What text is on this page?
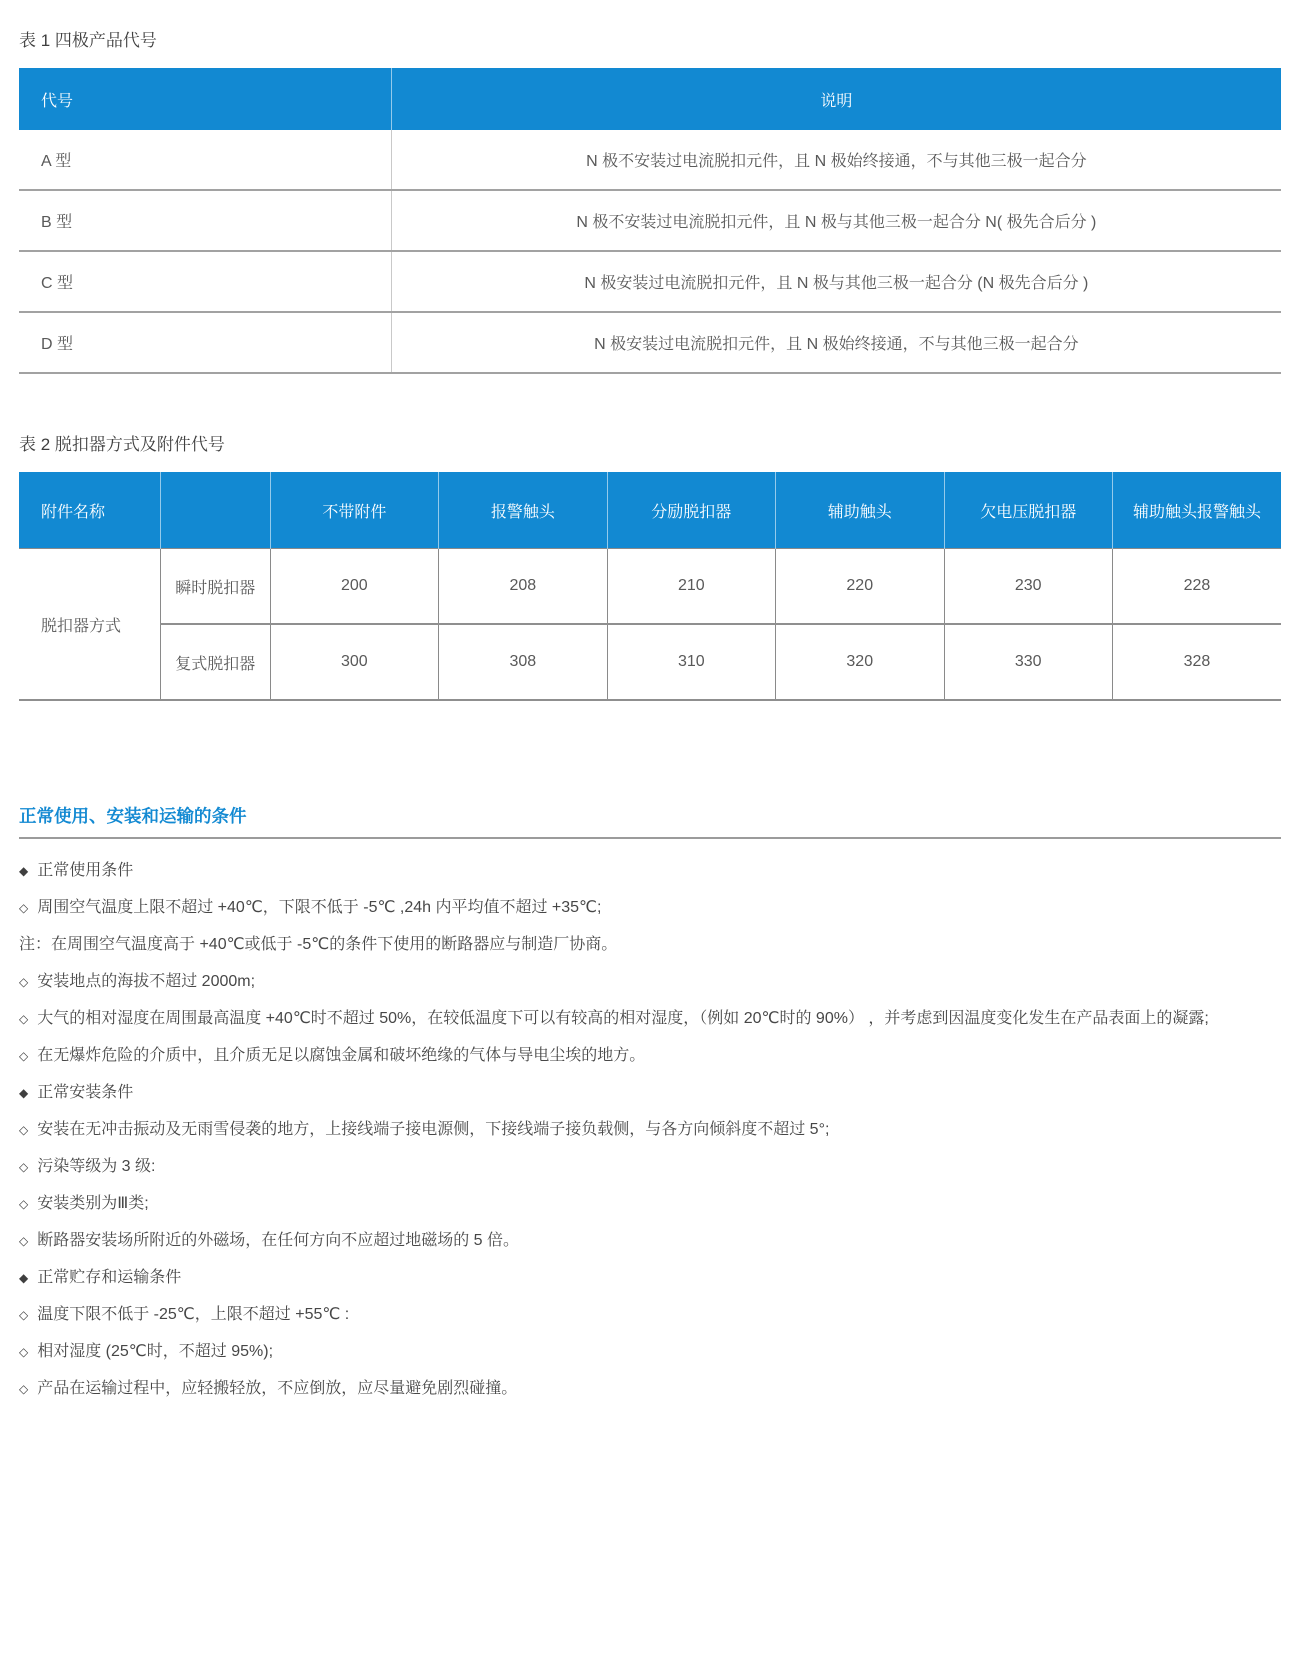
表 1 四极产品代号
代号	说明
A 型	N 极不安装过电流脱扣元件，且 N 极始终接通，不与其他三极一起合分
B 型	N 极不安装过电流脱扣元件，且 N 极与其他三极一起合分 N( 极先合后分 )
C 型	N 极安装过电流脱扣元件，且 N 极与其他三极一起合分 (N 极先合后分 )
D 型	N 极安装过电流脱扣元件，且 N 极始终接通，不与其他三极一起合分
表 2 脱扣器方式及附件代号
附件名称		不带附件	报警触头	分励脱扣器	辅助触头	欠电压脱扣器	辅助触头报警触头
脱扣器方式	瞬时脱扣器	200	208	210	220	230	228
	复式脱扣器	300	308	310	320	330	328
正常使用、安装和运输的条件
◆ 正常使用条件
◇ 周围空气温度上限不超过 +40℃，下限不低于 -5℃ ,24h 内平均值不超过 +35℃;
注：在周围空气温度高于 +40℃或低于 -5℃的条件下使用的断路器应与制造厂协商。
◇ 安装地点的海拔不超过 2000m;
◇ 大气的相对湿度在周围最高温度 +40℃时不超过 50%，在较低温度下可以有较高的相对湿度，（例如 20℃时的 90%） ，并考虑到因温度变化发生在产品表面上的凝露;
◇ 在无爆炸危险的介质中，且介质无足以腐蚀金属和破坏绝缘的气体与导电尘埃的地方。
◆ 正常安装条件
◇ 安装在无冲击振动及无雨雪侵袭的地方，上接线端子接电源侧，下接线端子接负载侧，与各方向倾斜度不超过 5°;
◇ 污染等级为 3 级:
◇ 安装类别为Ⅲ类;
◇ 断路器安装场所附近的外磁场，在任何方向不应超过地磁场的 5 倍。
◆ 正常贮存和运输条件
◇ 温度下限不低于 -25℃，上限不超过 +55℃ :
◇ 相对湿度 (25℃时，不超过 95%);
◇ 产品在运输过程中，应轻搬轻放，不应倒放，应尽量避免剧烈碰撞。
